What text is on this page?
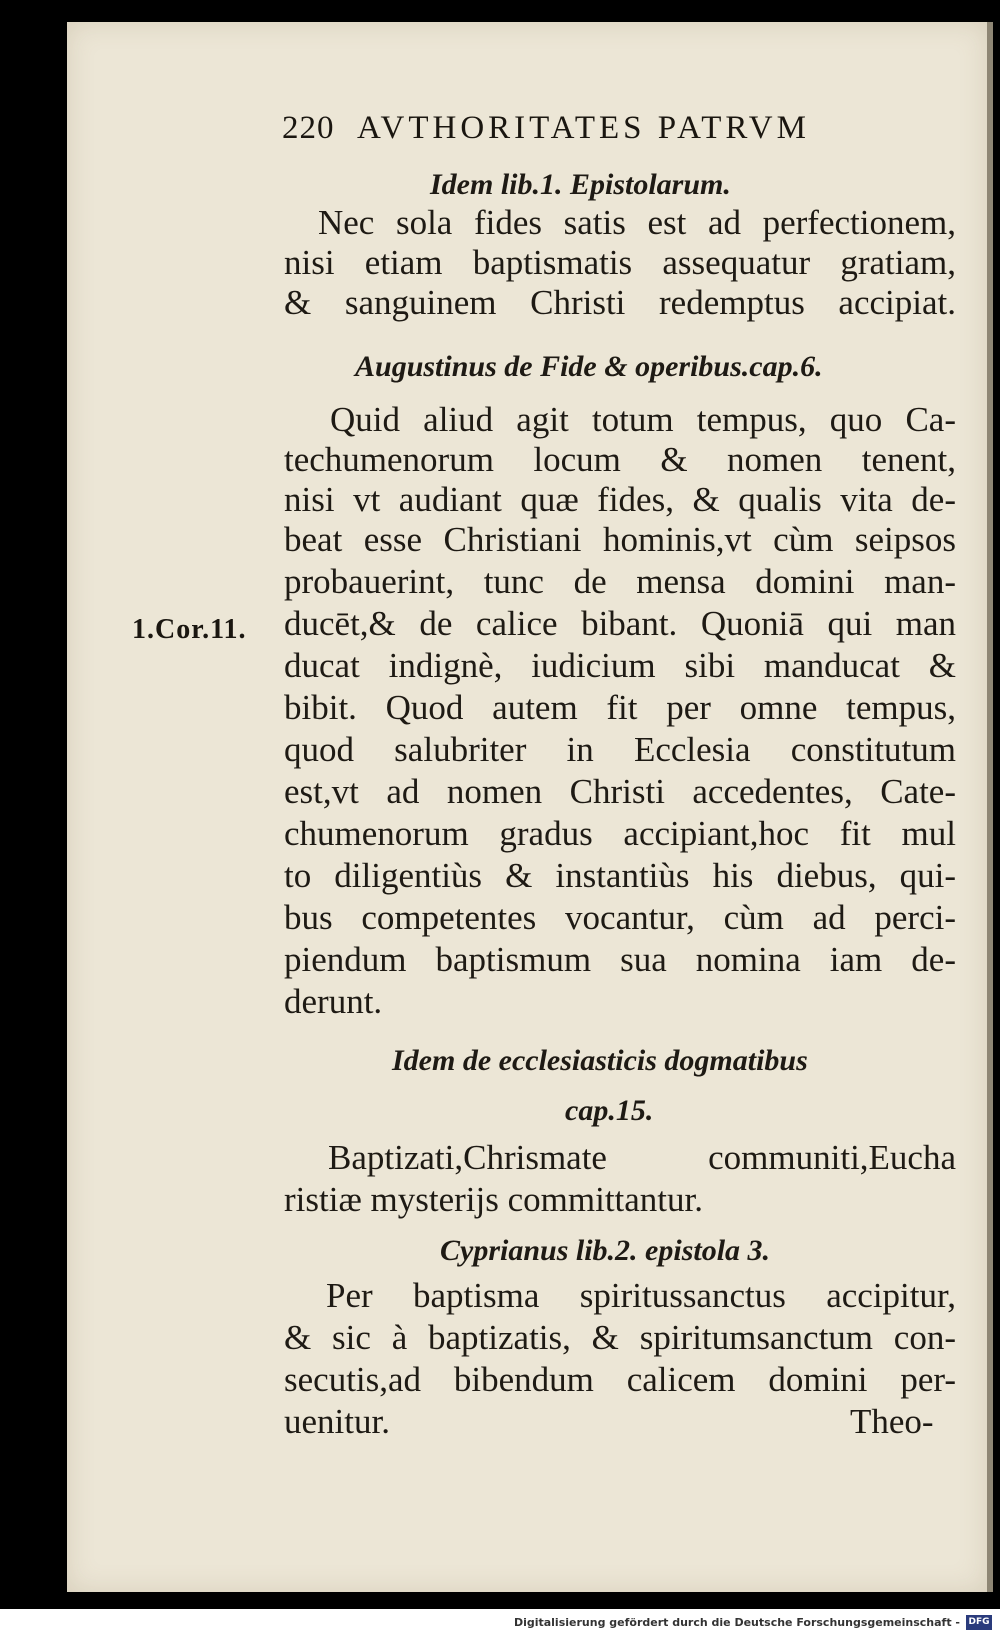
220 AVTHORITATES PATRVM
Idem lib.1. Epistolarum.
Nec sola fides satis est ad perfectionem,
nisi etiam baptismatis assequatur gratiam,
& sanguinem Christi redemptus accipiat.
Augustinus de Fide & operibus.cap.6.
Quid aliud agit totum tempus, quo Ca-
techumenorum locum & nomen tenent,
nisi vt audiant quæ fides, & qualis vita de-
beat esse Christiani hominis,vt cùm seipsos
probauerint, tunc de mensa domini man-
ducēt,& de calice bibant. Quoniā qui man
ducat indignè, iudicium sibi manducat &
bibit. Quod autem fit per omne tempus,
quod salubriter in Ecclesia constitutum
est,vt ad nomen Christi accedentes, Cate-
chumenorum gradus accipiant,hoc fit mul
to diligentiùs & instantiùs his diebus, qui-
bus competentes vocantur, cùm ad perci-
piendum baptismum sua nomina iam de-
derunt.
1.Cor.11.
Idem de ecclesiasticis dogmatibus
cap.15.
Baptizati,Chrismate communiti,Eucha
ristiæ mysterijs committantur.
Cyprianus lib.2. epistola 3.
Per baptisma spiritussanctus accipitur,
& sic à baptizatis, & spiritumsanctum con-
secutis,ad bibendum calicem domini per-
uenitur.	Theo-
Digitalisierung gefördert durch die Deutsche Forschungsgemeinschaft - DFG
